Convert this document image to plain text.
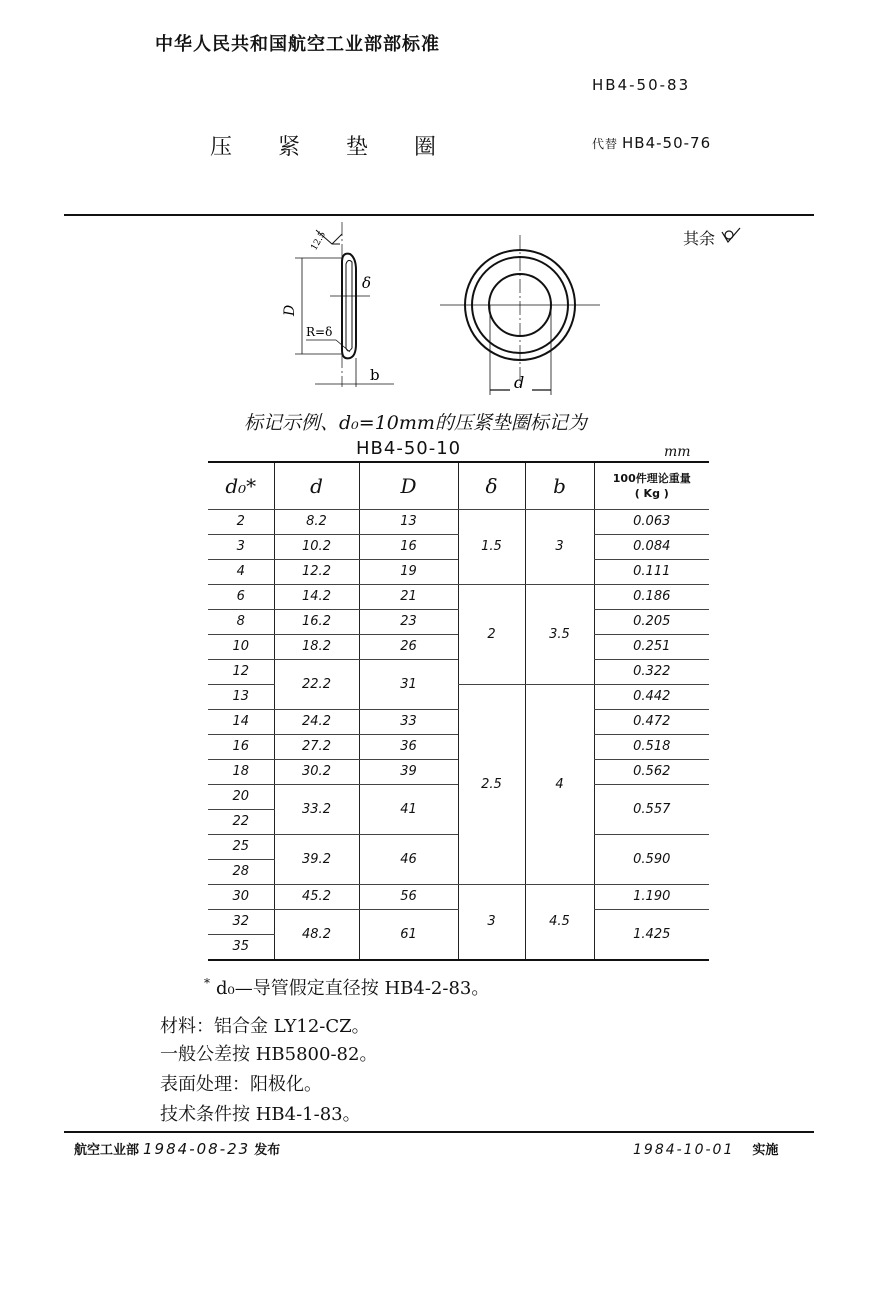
中华人民共和国航空工业部部标准
HB4-50-83
压 紧 垫 圈	代替 HB4-50-76
其余
12.5
D
δ
R=δ
b	d
标记示例、d₀=10mm的压紧垫圈标记为
HB4-50-10	mm
d₀*	d	D	δ	b	100件理论重量
( Kg )

2	8.2	13	1.5	3	0.063
3	10.2	16			0.084
4	12.2	19			0.111
6	14.2	21	2	3.5	0.186
8	16.2	23			0.205
10	18.2	26			0.251
12	22.2	31			0.322
13			2.5	4	0.442
14	24.2	33			0.472
16	27.2	36			0.518
18	30.2	39			0.562
20	33.2	41			0.557
22					
25	39.2	46			0.590
28					
30	45.2	56	3	4.5	1.190
32	48.2	61			1.425
35					
* d₀—导管假定直径按 HB4-2-83。
材料：铝合金 LY12-CZ。
一般公差按 HB5800-82。
表面处理：阳极化。
技术条件按 HB4-1-83。
航空工业部 1984-08-23 发布	1984-10-01 实施
